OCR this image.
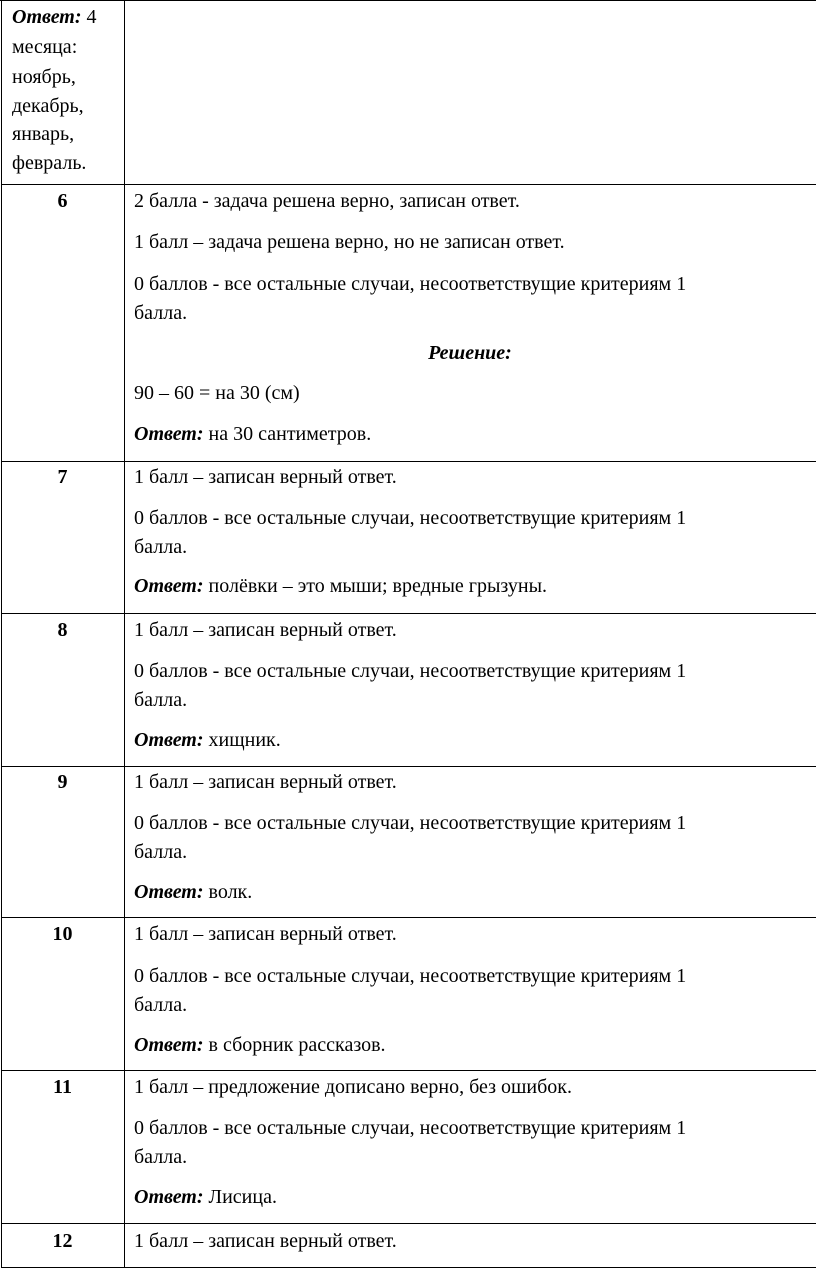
Ответ: 4
месяца:
ноябрь,
декабрь,
январь,
февраль.
6	2 балла - задача решена верно, записан ответ.
1 балл – задача решена верно, но не записан ответ.
0 баллов - все остальные случаи, несоответствущие критериям 1
балла.
Решение:
90 – 60 = на 30 (см)
Ответ: на 30 сантиметров.
7	1 балл – записан верный ответ.
0 баллов - все остальные случаи, несоответствущие критериям 1
балла.
Ответ: полёвки – это мыши; вредные грызуны.
8	1 балл – записан верный ответ.
0 баллов - все остальные случаи, несоответствущие критериям 1
балла.
Ответ: хищник.
9	1 балл – записан верный ответ.
0 баллов - все остальные случаи, несоответствущие критериям 1
балла.
Ответ: волк.
10	1 балл – записан верный ответ.
0 баллов - все остальные случаи, несоответствущие критериям 1
балла.
Ответ: в сборник рассказов.
11	1 балл – предложение дописано верно, без ошибок.
0 баллов - все остальные случаи, несоответствущие критериям 1
балла.
Ответ: Лисица.
12	1 балл – записан верный ответ.
